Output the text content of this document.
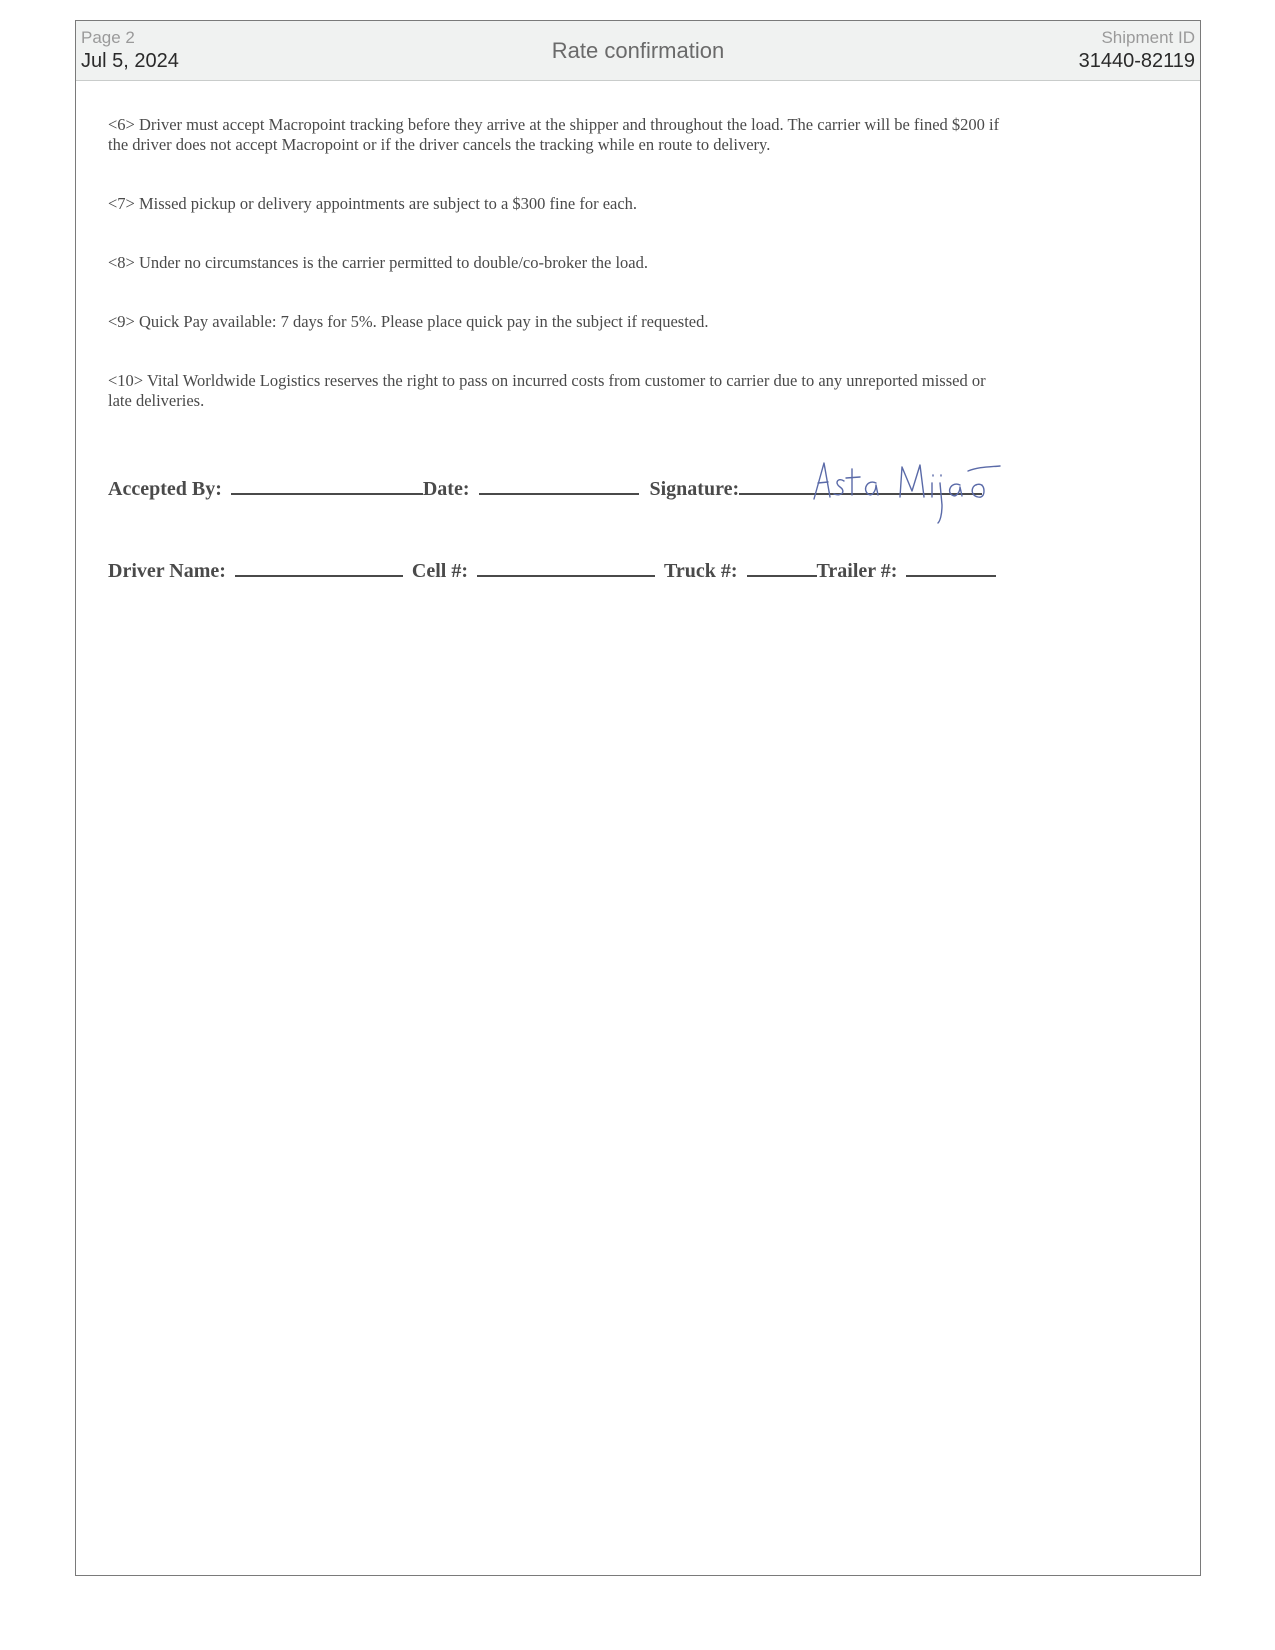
Page 2
Jul 5, 2024	Rate confirmation
Shipment ID
31440-82119

<6> Driver must accept Macropoint tracking before they arrive at the shipper and throughout the load. The carrier will be fined $200 if the driver does not accept Macropoint or if the driver cancels the tracking while en route to delivery.

<7> Missed pickup or delivery appointments are subject to a $300 fine for each.

<8> Under no circumstances is the carrier permitted to double/co-broker the load.

<9> Quick Pay available: 7 days for 5%. Please place quick pay in the subject if requested.

<10> Vital Worldwide Logistics reserves the right to pass on incurred costs from customer to carrier due to any unreported missed or late deliveries.

Accepted By:	Date:	Signature:
Driver Name:	Cell #:	Truck #:	Trailer #:
